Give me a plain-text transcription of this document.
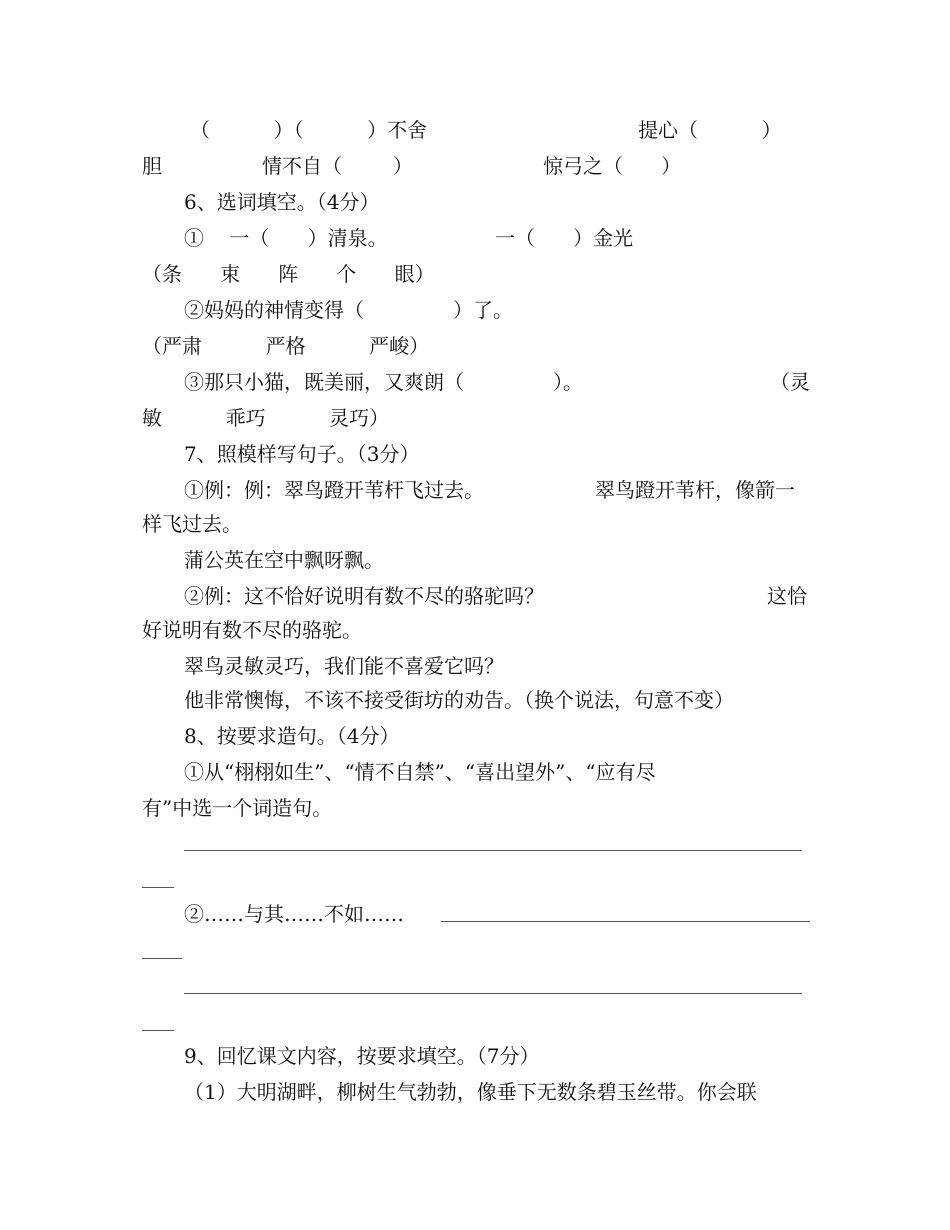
（          ）（          ）不舍	提心（          ）
胆	情不自（        ）	惊弓之（      ）
6、选词填空。（4分）
①    一（      ）清泉。	一（      ）金光
（条      束      阵      个      眼）
②妈妈的神情变得（              ）了。
（严肃          严格          严峻）
③那只小猫，既美丽，又爽朗（              ）。	（灵
敏          乖巧          灵巧）
7、照模样写句子。（3分）
①例：例：翠鸟蹬开苇杆飞过去。	翠鸟蹬开苇杆，像箭一
样飞过去。
蒲公英在空中飘呀飘。
②例：这不恰好说明有数不尽的骆驼吗？	这恰
好说明有数不尽的骆驼。
翠鸟灵敏灵巧，我们能不喜爱它吗？
他非常懊悔，不该不接受街坊的劝告。（换个说法，句意不变）
8、按要求造句。（4分）
①从“栩栩如生”、“情不自禁”、“喜出望外”、“应有尽
有”中选一个词造句。
②……与其……不如……
9、回忆课文内容，按要求填空。（7分）
（1）大明湖畔，柳树生气勃勃，像垂下无数条碧玉丝带。你会联
